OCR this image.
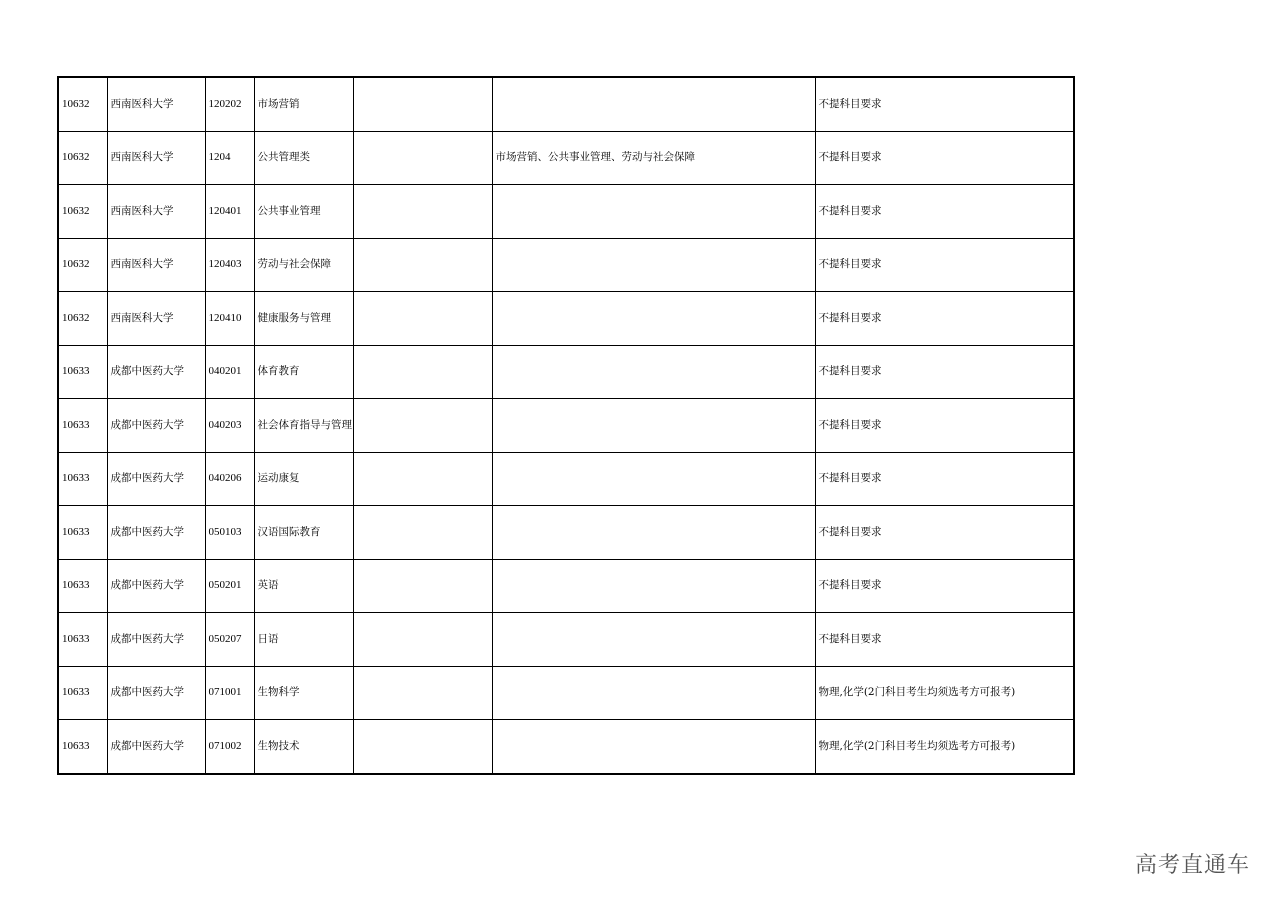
10632	西南医科大学	120202	市场营销			不提科目要求
10632	西南医科大学	1204	公共管理类		市场营销、公共事业管理、劳动与社会保障	不提科目要求
10632	西南医科大学	120401	公共事业管理			不提科目要求
10632	西南医科大学	120403	劳动与社会保障			不提科目要求
10632	西南医科大学	120410	健康服务与管理			不提科目要求
10633	成都中医药大学	040201	体育教育			不提科目要求
10633	成都中医药大学	040203	社会体育指导与管理			不提科目要求
10633	成都中医药大学	040206	运动康复			不提科目要求
10633	成都中医药大学	050103	汉语国际教育			不提科目要求
10633	成都中医药大学	050201	英语			不提科目要求
10633	成都中医药大学	050207	日语			不提科目要求
10633	成都中医药大学	071001	生物科学			物理,化学(2门科目考生均须选考方可报考)
10633	成都中医药大学	071002	生物技术			物理,化学(2门科目考生均须选考方可报考)
高考直通车
